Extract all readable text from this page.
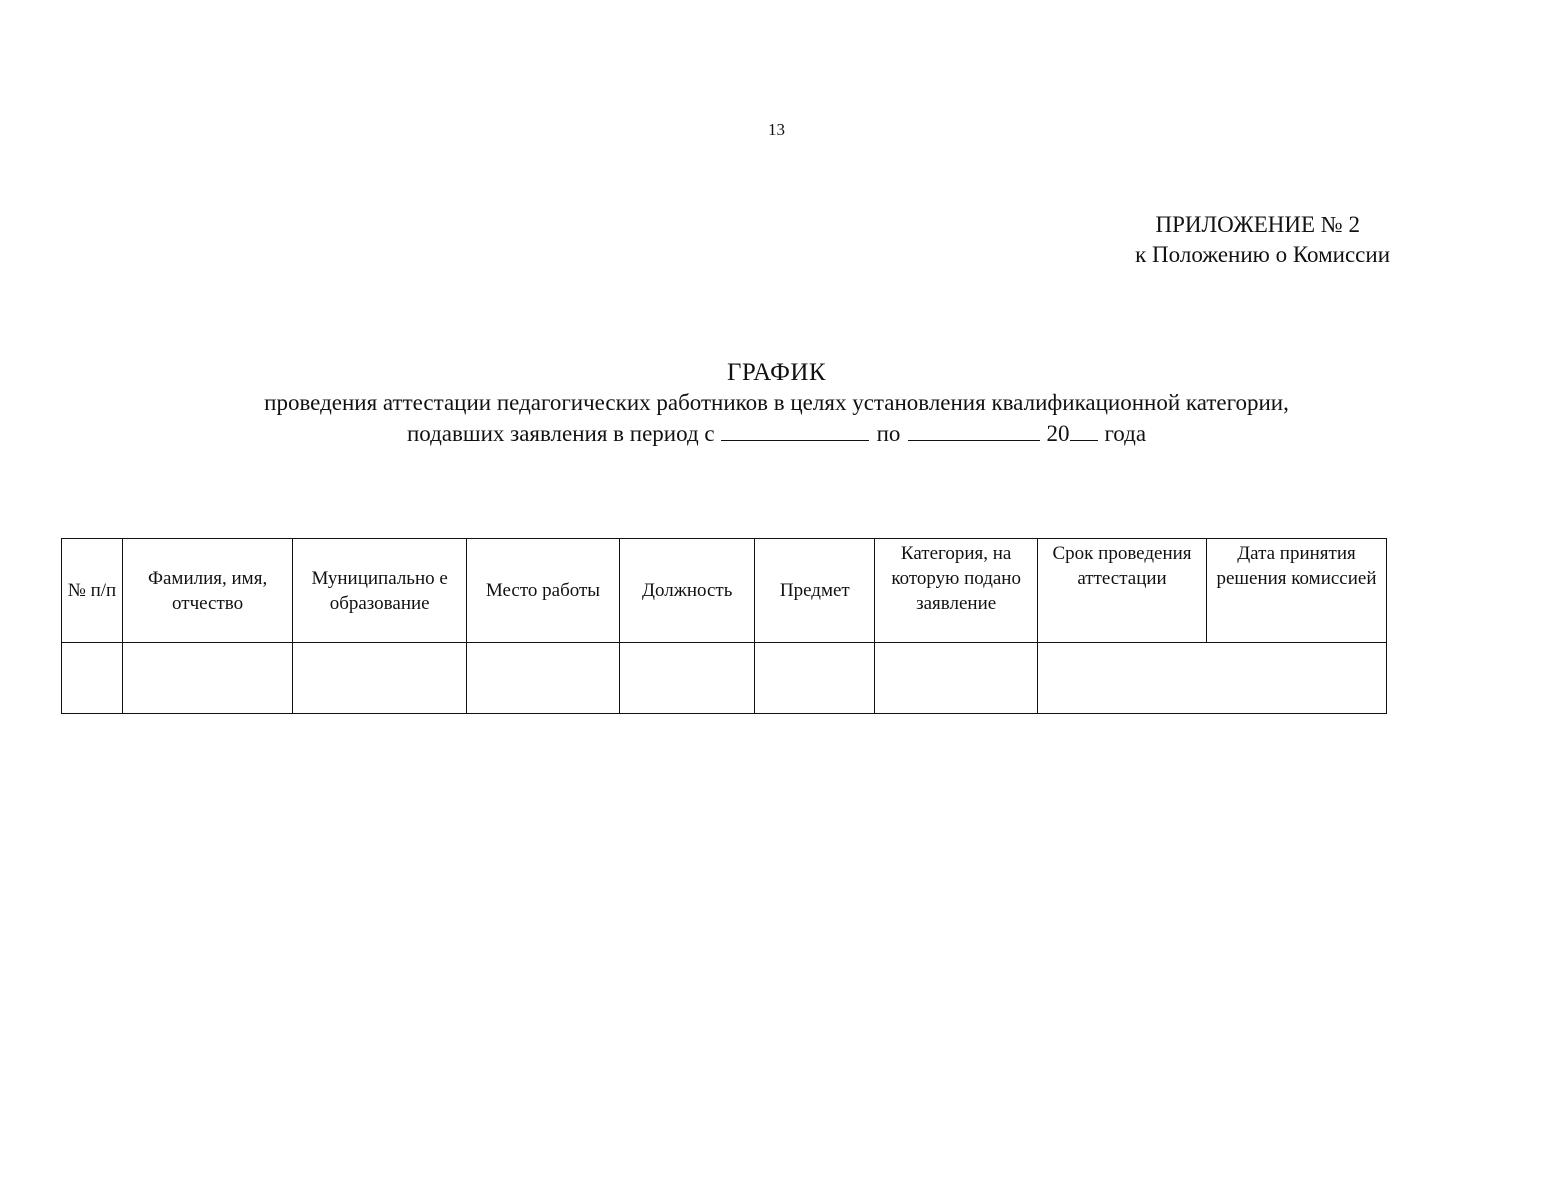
13
ПРИЛОЖЕНИЕ № 2
к Положению о Комиссии
ГРАФИК
проведения аттестации педагогических работников в целях установления квалификационной категории,
подавших заявления в период с	по	20 года
№ п/п	Фамилия, имя, отчество	Муниципально е образование	Место работы	Должность	Предмет	Категория, на которую подано заявление	Срок проведения аттестации	Дата принятия решения комиссией
